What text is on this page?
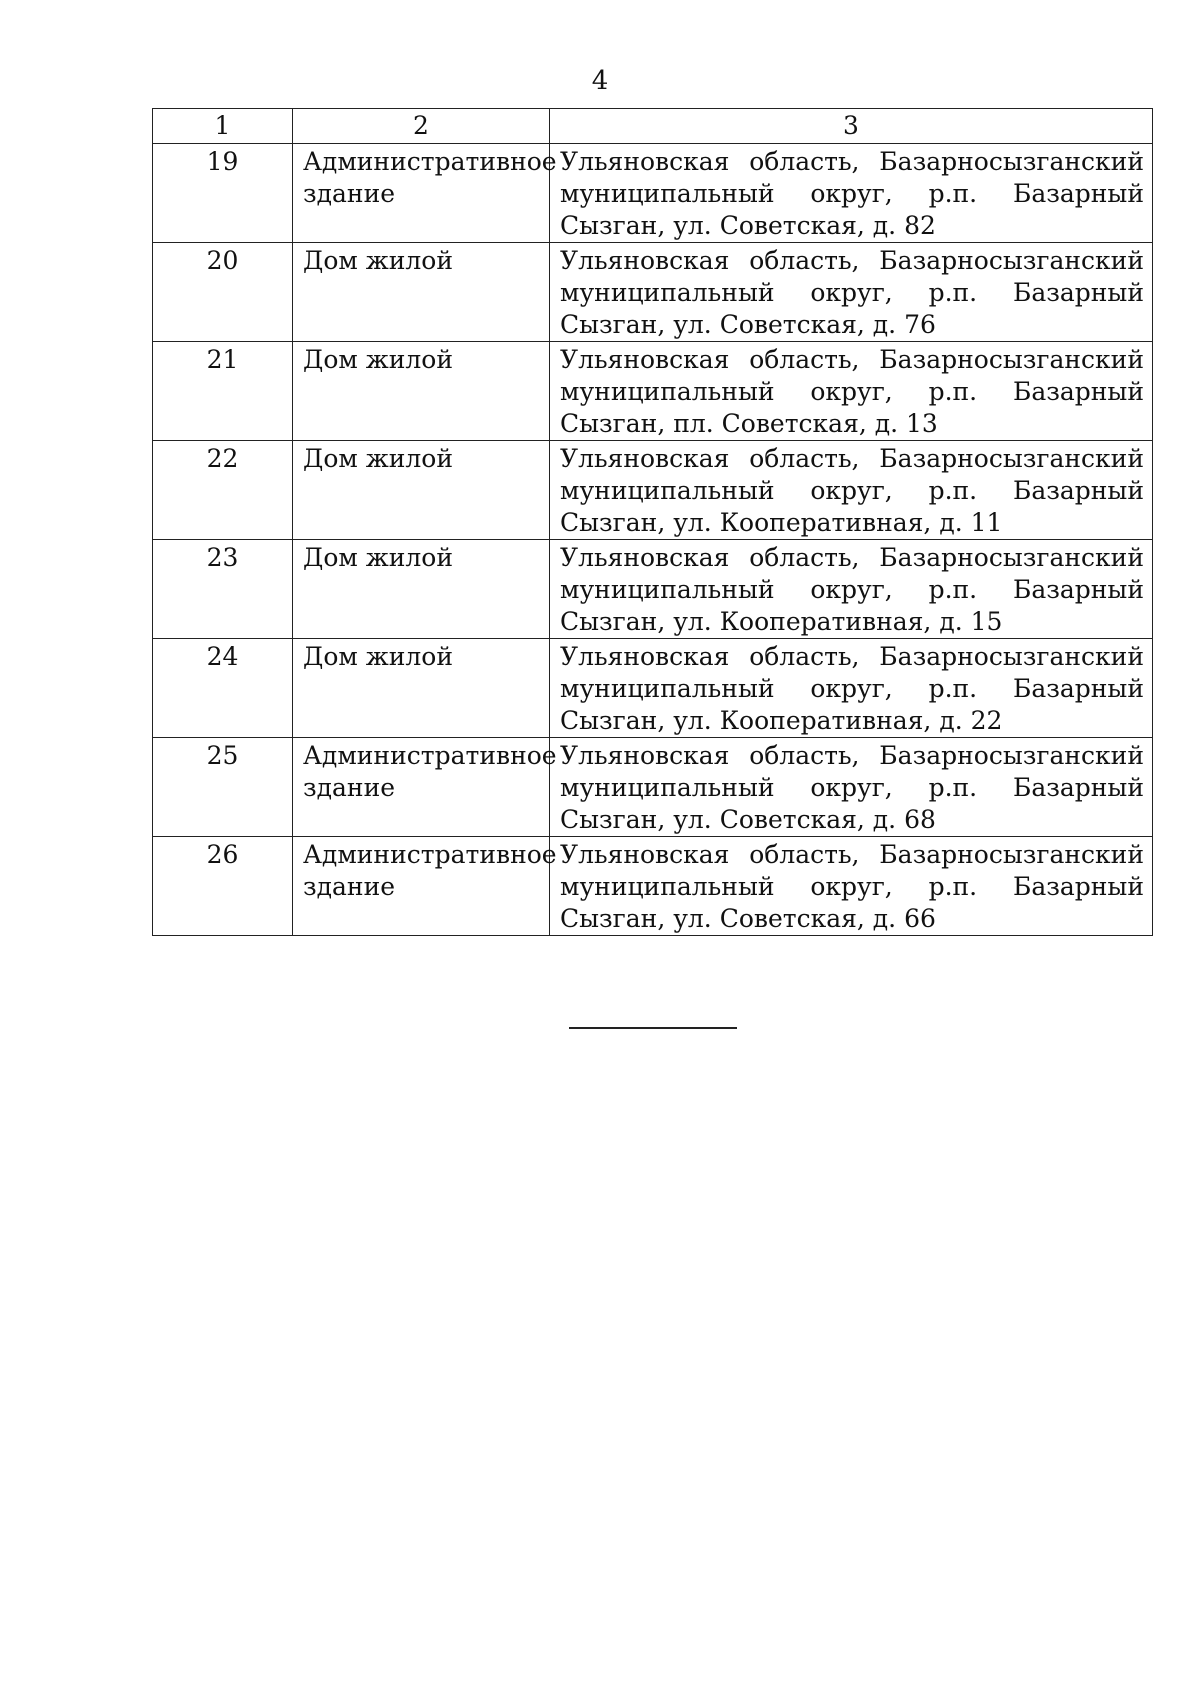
4
1	2	3
19	Административное здание	Ульяновская область, Базарносызганский муниципальный округ, р.п. Базарный Сызган, ул. Советская, д. 82
20	Дом жилой	Ульяновская область, Базарносызганский муниципальный округ, р.п. Базарный Сызган, ул. Советская, д. 76
21	Дом жилой	Ульяновская область, Базарносызганский муниципальный округ, р.п. Базарный Сызган, пл. Советская, д. 13
22	Дом жилой	Ульяновская область, Базарносызганский муниципальный округ, р.п. Базарный Сызган, ул. Кооперативная, д. 11
23	Дом жилой	Ульяновская область, Базарносызганский муниципальный округ, р.п. Базарный Сызган, ул. Кооперативная, д. 15
24	Дом жилой	Ульяновская область, Базарносызганский муниципальный округ, р.п. Базарный Сызган, ул. Кооперативная, д. 22
25	Административное здание	Ульяновская область, Базарносызганский муниципальный округ, р.п. Базарный Сызган, ул. Советская, д. 68
26	Административное здание	Ульяновская область, Базарносызганский муниципальный округ, р.п. Базарный Сызган, ул. Советская, д. 66
